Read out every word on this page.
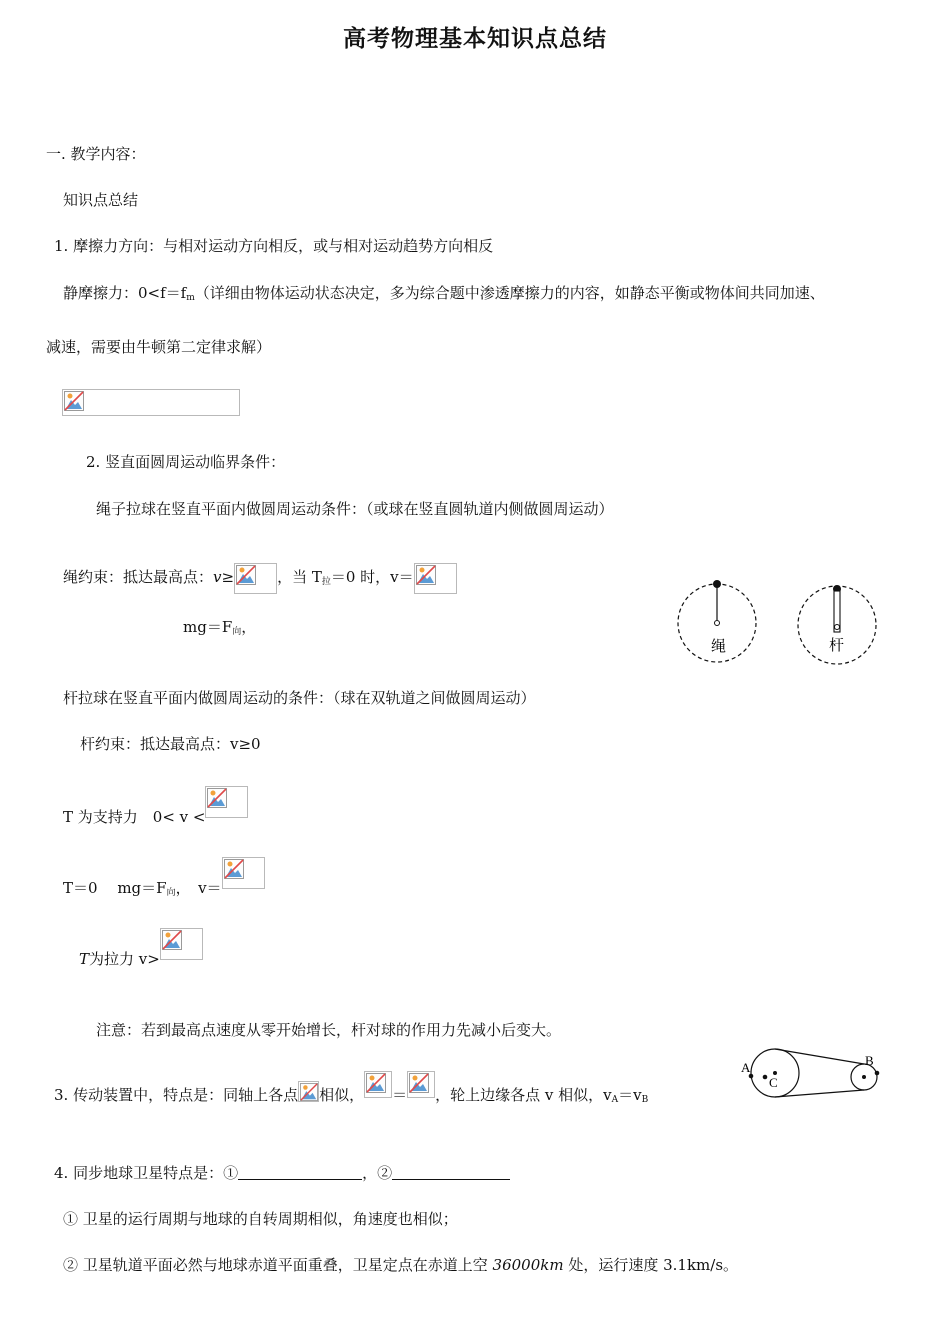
高考物理基本知识点总结
一. 教学内容：
知识点总结
1. 摩擦力方向：与相对运动方向相反，或与相对运动趋势方向相反
静摩擦力：$0<f=f_m$（详细由物体运动状态决定，多为综合题中渗透摩擦力的内容，如静态平衡或物体间共同加速、
减速，需要由牛顿第二定律求解）
2. 竖直面圆周运动临界条件：
绳子拉球在竖直平面内做圆周运动条件：（或球在竖直圆轨道内侧做圆周运动）
绳约束：抵达最高点：v≥	，当 $T_拉=0$ 时，v＝
$mg=F_向$，
绳	杆
杆拉球在竖直平面内做圆周运动的条件：（球在双轨道之间做圆周运动）
杆约束：抵达最高点：v≥0
T 为支持力　0< v <
T＝0　 $mg=F_向$，　v＝
T为拉力 v>
注意：若到最高点速度从零开始增长，杆对球的作用力先减小后变大。
3. 传动装置中，特点是：同轴上各点 相似， ＝ ，轮上边缘各点 v 相似，$v_A=v_B$
A	B
C
4. 同步地球卫星特点是：①	，②
① 卫星的运行周期与地球的自转周期相似，角速度也相似；
② 卫星轨道平面必然与地球赤道平面重叠，卫星定点在赤道上空 36000km 处，运行速度 3.1km/s。
